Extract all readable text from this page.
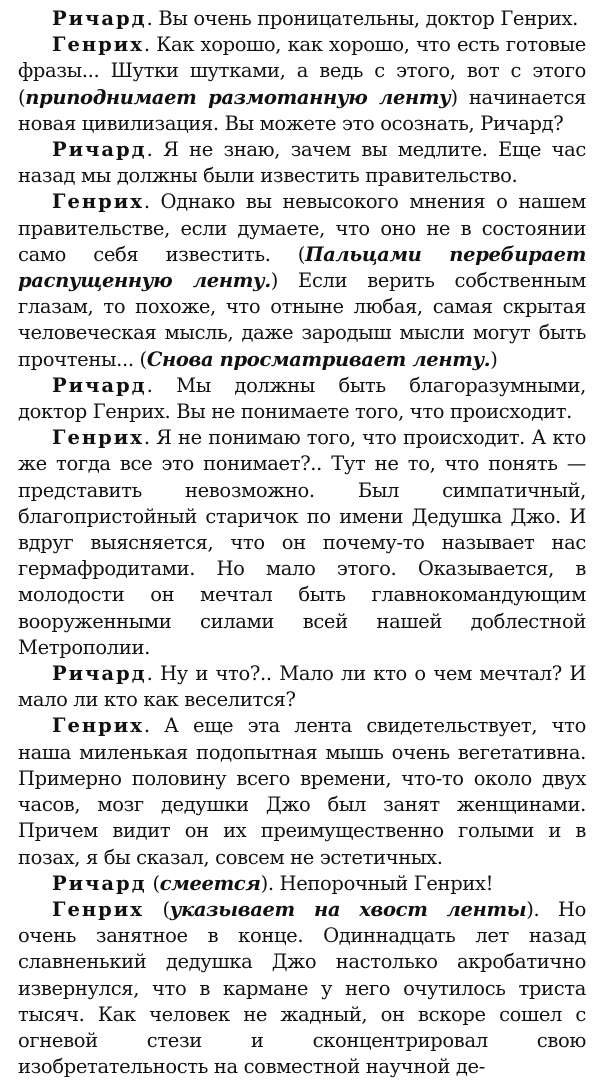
Ричард. Вы очень проницательны, доктор Генрих.

Генрих. Как хорошо, как хорошо, что есть готовые фразы... Шутки шутками, а ведь с этого, вот с этого (приподнимает размотанную ленту) начинается новая цивилизация. Вы можете это осознать, Ричард?

Ричард. Я не знаю, зачем вы медлите. Еще час назад мы должны были известить правительство.

Генрих. Однако вы невысокого мнения о нашем правительстве, если думаете, что оно не в состоянии само себя известить. (Пальцами перебирает распущенную ленту.) Если верить собственным глазам, то похоже, что отныне любая, самая скрытая человеческая мысль, даже зародыш мысли могут быть прочтены... (Снова просматривает ленту.)

Ричард. Мы должны быть благоразумными, доктор Генрих. Вы не понимаете того, что происходит.

Генрих. Я не понимаю того, что происходит. А кто же тогда все это понимает?.. Тут не то, что понять — представить невозможно. Был симпатичный, благопристойный старичок по имени Дедушка Джо. И вдруг выясняется, что он почему-то называет нас гермафродитами. Но мало этого. Оказывается, в молодости он мечтал быть главнокомандующим вооруженными силами всей нашей доблестной Метрополии.

Ричард. Ну и что?.. Мало ли кто о чем мечтал? И мало ли кто как веселится?

Генрих. А еще эта лента свидетельствует, что наша миленькая подопытная мышь очень вегетативна. Примерно половину всего времени, что-то около двух часов, мозг дедушки Джо был занят женщинами. Причем видит он их преимущественно голыми и в позах, я бы сказал, совсем не эстетичных.

Ричард (смеется). Непорочный Генрих!

Генрих (указывает на хвост ленты). Но очень занятное в конце. Одиннадцать лет назад славненький дедушка Джо настолько акробатично извернулся, что в кармане у него очутилось триста тысяч. Как человек не жадный, он вскоре сошел с огневой стези и сконцентрировал свою изобретательность на совместной научной де-
